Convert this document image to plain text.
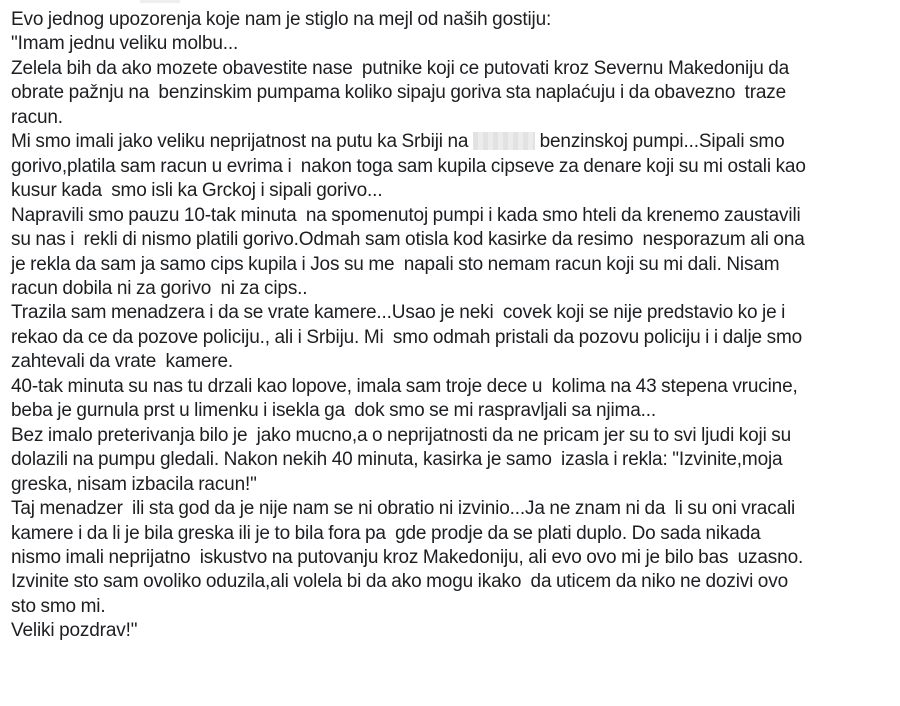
Evo jednog upozorenja koje nam je stiglo na mejl od naših gostiju:
"Imam jednu veliku molbu...
Zelela bih da ako mozete obavestite nase  putnike koji ce putovati kroz Severnu Makedoniju da
obrate pažnju na  benzinskim pumpama koliko sipaju goriva sta naplaćuju i da obavezno  traze
racun.
Mi smo imali jako veliku neprijatnost na putu ka Srbiji na	benzinskoj pumpi...Sipali smo
gorivo,platila sam racun u evrima i  nakon toga sam kupila cipseve za denare koji su mi ostali kao
kusur kada  smo isli ka Grckoj i sipali gorivo...
Napravili smo pauzu 10-tak minuta  na spomenutoj pumpi i kada smo hteli da krenemo zaustavili
su nas i  rekli di nismo platili gorivo.Odmah sam otisla kod kasirke da resimo  nesporazum ali ona
je rekla da sam ja samo cips kupila i Jos su me  napali sto nemam racun koji su mi dali. Nisam
racun dobila ni za gorivo  ni za cips..
Trazila sam menadzera i da se vrate kamere...Usao je neki  covek koji se nije predstavio ko je i
rekao da ce da pozove policiju., ali i Srbiju. Mi  smo odmah pristali da pozovu policiju i i dalje smo
zahtevali da vrate  kamere.
40-tak minuta su nas tu drzali kao lopove, imala sam troje dece u  kolima na 43 stepena vrucine,
beba je gurnula prst u limenku i isekla ga  dok smo se mi raspravljali sa njima...
Bez imalo preterivanja bilo je  jako mucno,a o neprijatnosti da ne pricam jer su to svi ljudi koji su
dolazili na pumpu gledali. Nakon nekih 40 minuta, kasirka je samo  izasla i rekla: "Izvinite,moja
greska, nisam izbacila racun!"
Taj menadzer  ili sta god da je nije nam se ni obratio ni izvinio...Ja ne znam ni da  li su oni vracali
kamere i da li je bila greska ili je to bila fora pa  gde prodje da se plati duplo. Do sada nikada
nismo imali neprijatno  iskustvo na putovanju kroz Makedoniju, ali evo ovo mi je bilo bas  uzasno.
Izvinite sto sam ovoliko oduzila,ali volela bi da ako mogu ikako  da uticem da niko ne dozivi ovo
sto smo mi.
Veliki pozdrav!"
